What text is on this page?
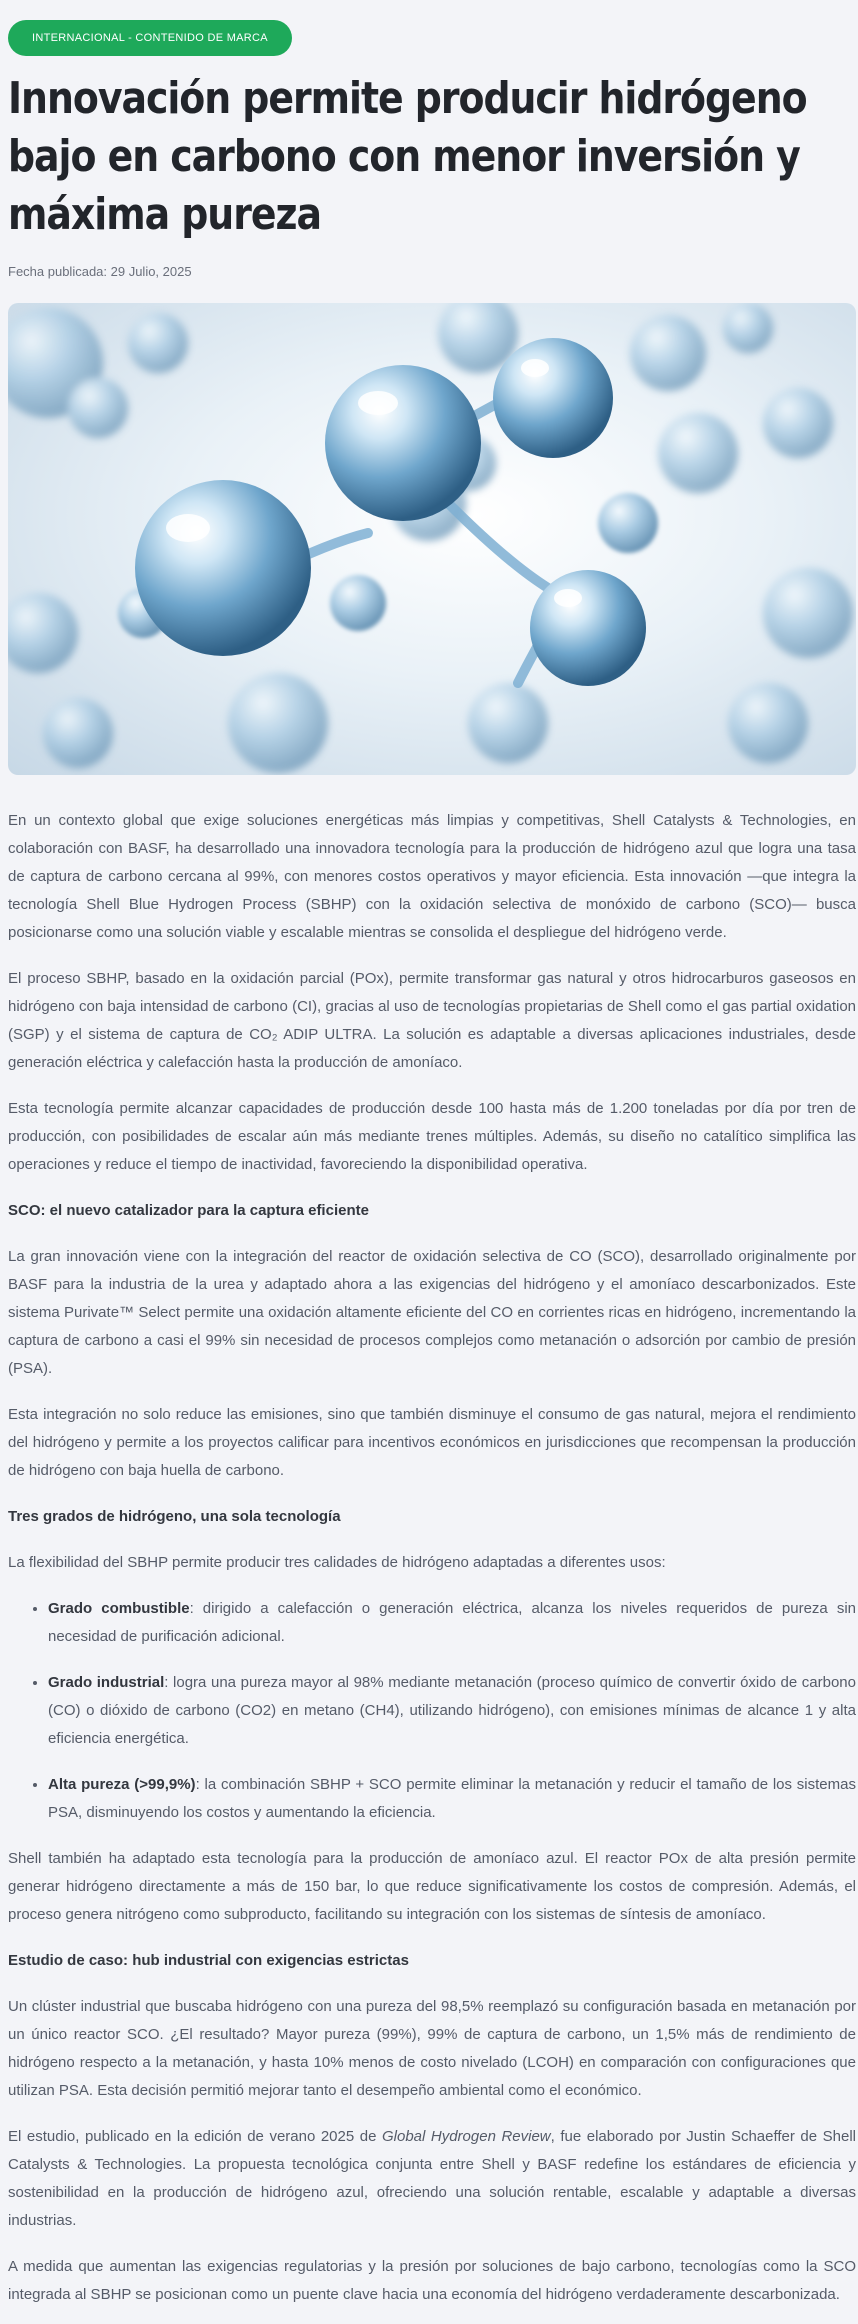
INTERNACIONAL - CONTENIDO DE MARCA
Innovación permite producir hidrógeno bajo en carbono con menor inversión y máxima pureza
Fecha publicada: 29 Julio, 2025

En un contexto global que exige soluciones energéticas más limpias y competitivas, Shell Catalysts & Technologies, en colaboración con BASF, ha desarrollado una innovadora tecnología para la producción de hidrógeno azul que logra una tasa de captura de carbono cercana al 99%, con menores costos operativos y mayor eficiencia. Esta innovación —que integra la tecnología Shell Blue Hydrogen Process (SBHP) con la oxidación selectiva de monóxido de carbono (SCO)— busca posicionarse como una solución viable y escalable mientras se consolida el despliegue del hidrógeno verde.

El proceso SBHP, basado en la oxidación parcial (POx), permite transformar gas natural y otros hidrocarburos gaseosos en hidrógeno con baja intensidad de carbono (CI), gracias al uso de tecnologías propietarias de Shell como el gas partial oxidation (SGP) y el sistema de captura de CO₂ ADIP ULTRA. La solución es adaptable a diversas aplicaciones industriales, desde generación eléctrica y calefacción hasta la producción de amoníaco.

Esta tecnología permite alcanzar capacidades de producción desde 100 hasta más de 1.200 toneladas por día por tren de producción, con posibilidades de escalar aún más mediante trenes múltiples. Además, su diseño no catalítico simplifica las operaciones y reduce el tiempo de inactividad, favoreciendo la disponibilidad operativa.

SCO: el nuevo catalizador para la captura eficiente

La gran innovación viene con la integración del reactor de oxidación selectiva de CO (SCO), desarrollado originalmente por BASF para la industria de la urea y adaptado ahora a las exigencias del hidrógeno y el amoníaco descarbonizados. Este sistema Purivate™ Select permite una oxidación altamente eficiente del CO en corrientes ricas en hidrógeno, incrementando la captura de carbono a casi el 99% sin necesidad de procesos complejos como metanación o adsorción por cambio de presión (PSA).

Esta integración no solo reduce las emisiones, sino que también disminuye el consumo de gas natural, mejora el rendimiento del hidrógeno y permite a los proyectos calificar para incentivos económicos en jurisdicciones que recompensan la producción de hidrógeno con baja huella de carbono.

Tres grados de hidrógeno, una sola tecnología

La flexibilidad del SBHP permite producir tres calidades de hidrógeno adaptadas a diferentes usos:

• Grado combustible: dirigido a calefacción o generación eléctrica, alcanza los niveles requeridos de pureza sin necesidad de purificación adicional.
• Grado industrial: logra una pureza mayor al 98% mediante metanación (proceso químico de convertir óxido de carbono (CO) o dióxido de carbono (CO2) en metano (CH4), utilizando hidrógeno), con emisiones mínimas de alcance 1 y alta eficiencia energética.
• Alta pureza (>99,9%): la combinación SBHP + SCO permite eliminar la metanación y reducir el tamaño de los sistemas PSA, disminuyendo los costos y aumentando la eficiencia.

Shell también ha adaptado esta tecnología para la producción de amoníaco azul. El reactor POx de alta presión permite generar hidrógeno directamente a más de 150 bar, lo que reduce significativamente los costos de compresión. Además, el proceso genera nitrógeno como subproducto, facilitando su integración con los sistemas de síntesis de amoníaco.

Estudio de caso: hub industrial con exigencias estrictas

Un clúster industrial que buscaba hidrógeno con una pureza del 98,5% reemplazó su configuración basada en metanación por un único reactor SCO. ¿El resultado? Mayor pureza (99%), 99% de captura de carbono, un 1,5% más de rendimiento de hidrógeno respecto a la metanación, y hasta 10% menos de costo nivelado (LCOH) en comparación con configuraciones que utilizan PSA. Esta decisión permitió mejorar tanto el desempeño ambiental como el económico.

El estudio, publicado en la edición de verano 2025 de Global Hydrogen Review, fue elaborado por Justin Schaeffer de Shell Catalysts & Technologies. La propuesta tecnológica conjunta entre Shell y BASF redefine los estándares de eficiencia y sostenibilidad en la producción de hidrógeno azul, ofreciendo una solución rentable, escalable y adaptable a diversas industrias.

A medida que aumentan las exigencias regulatorias y la presión por soluciones de bajo carbono, tecnologías como la SCO integrada al SBHP se posicionan como un puente clave hacia una economía del hidrógeno verdaderamente descarbonizada.
